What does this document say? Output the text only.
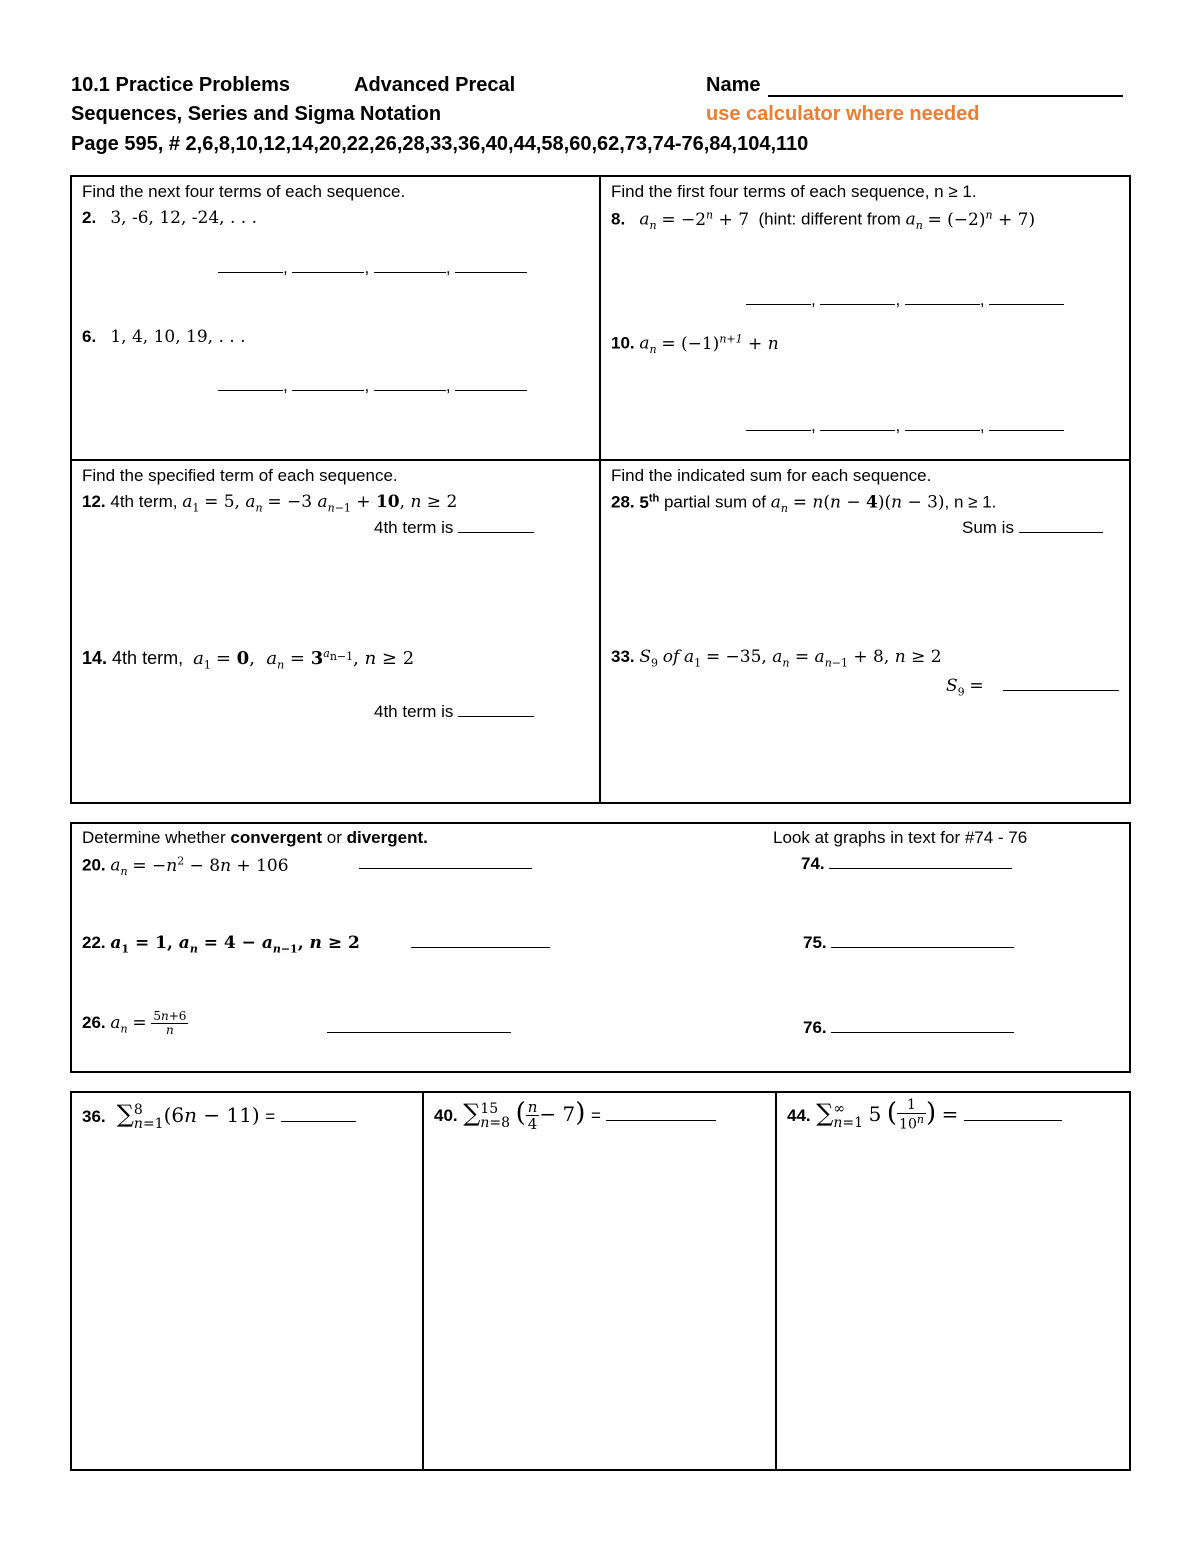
10.1 Practice Problems	Advanced Precal	Name
Sequences, Series and Sigma Notation	use calculator where needed
Page 595, # 2,6,8,10,12,14,20,22,26,28,33,36,40,44,58,60,62,73,74-76,84,104,110
Find the next four terms of each sequence.
2. 3, -6, 12, -24, . . .
,	,	,
6. 1, 4, 10, 19, . . .
,	,	,
Find the first four terms of each sequence, n ≥ 1.
8. $a_n = -2^n + 7$ (hint: different from $a_n = (-2)^n + 7$)
,	,	,
10. $a_n = (-1)^{n+1} + n$
,	,	,
Find the specified term of each sequence.
12. 4th term, $a_1 = 5$, $a_n = -3$ $a_{n-1} + 10$, n ≥ 2
4th term is
14. 4th term, $a_1 = 0$,  $a_n = 3^{a_{n-1}}$, n ≥ 2
4th term is
Find the indicated sum for each sequence.
28. 5th partial sum of $a_n = n(n - 4)(n - 3)$, n ≥ 1.
Sum is
33. $S_9$ of $a_1 = -35$, $a_n = a_{n-1} + 8$, n ≥ 2
$S_9$ =
Determine whether convergent or divergent.	Look at graphs in text for #74 - 76
20. $a_n = -n^2 - 8n + 106$
22. $a_1 = 1$, $a_n = 4 - a_{n-1}$, n ≥ 2
26. $a_n = \frac{5n+6}{n}$
74.
75.
76.
36. ∑ 8
n=1 (6n − 11) =	40. ∑ 15
n=8 ( $\frac{n}{4} - 7$) =	44. ∑ ∞
n=1 5 ( $\frac{1}{10^n}$ ) =
